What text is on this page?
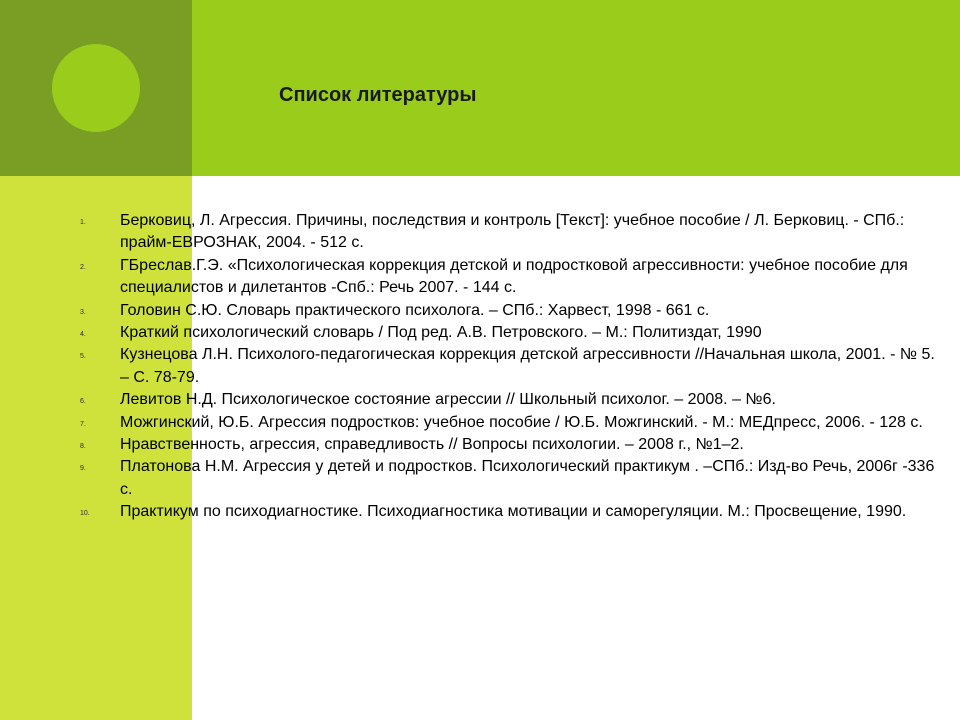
Список литературы
1.	Берковиц, Л. Агрессия. Причины, последствия и контроль [Текст]: учебное пособие / Л. Берковиц. - СПб.: прайм-ЕВРОЗНАК, 2004. - 512 с.
2.	ГБреслав.Г.Э. «Психологическая коррекция детской и подростковой агрессивности: учебное пособие для специалистов и дилетантов -Спб.: Речь 2007. - 144 с.
3.	Головин С.Ю. Словарь практического психолога. – СПб.: Харвест, 1998 - 661 с.
4.	Краткий психологический словарь / Под ред. А.В. Петровского. – М.: Политиздат, 1990
5.	Кузнецова Л.Н. Психолого-педагогическая коррекция детской агрессивности //Начальная школа, 2001. - № 5. – С. 78-79.
6.	Левитов Н.Д. Психологическое состояние агрессии // Школьный психолог. – 2008. – №6.
7.	Можгинский, Ю.Б. Агрессия подростков: учебное пособие / Ю.Б. Можгинский. - М.: МЕДпресс, 2006. - 128 с.
8.	Нравственность, агрессия, справедливость // Вопросы психологии. – 2008 г., №1–2.
9.	Платонова Н.М. Агрессия у детей и подростков. Психологический практикум . –СПб.: Изд-во Речь, 2006г -336 с.
10.	Практикум по психодиагностике. Психодиагностика мотивации и саморегуляции. М.: Просвещение, 1990.
